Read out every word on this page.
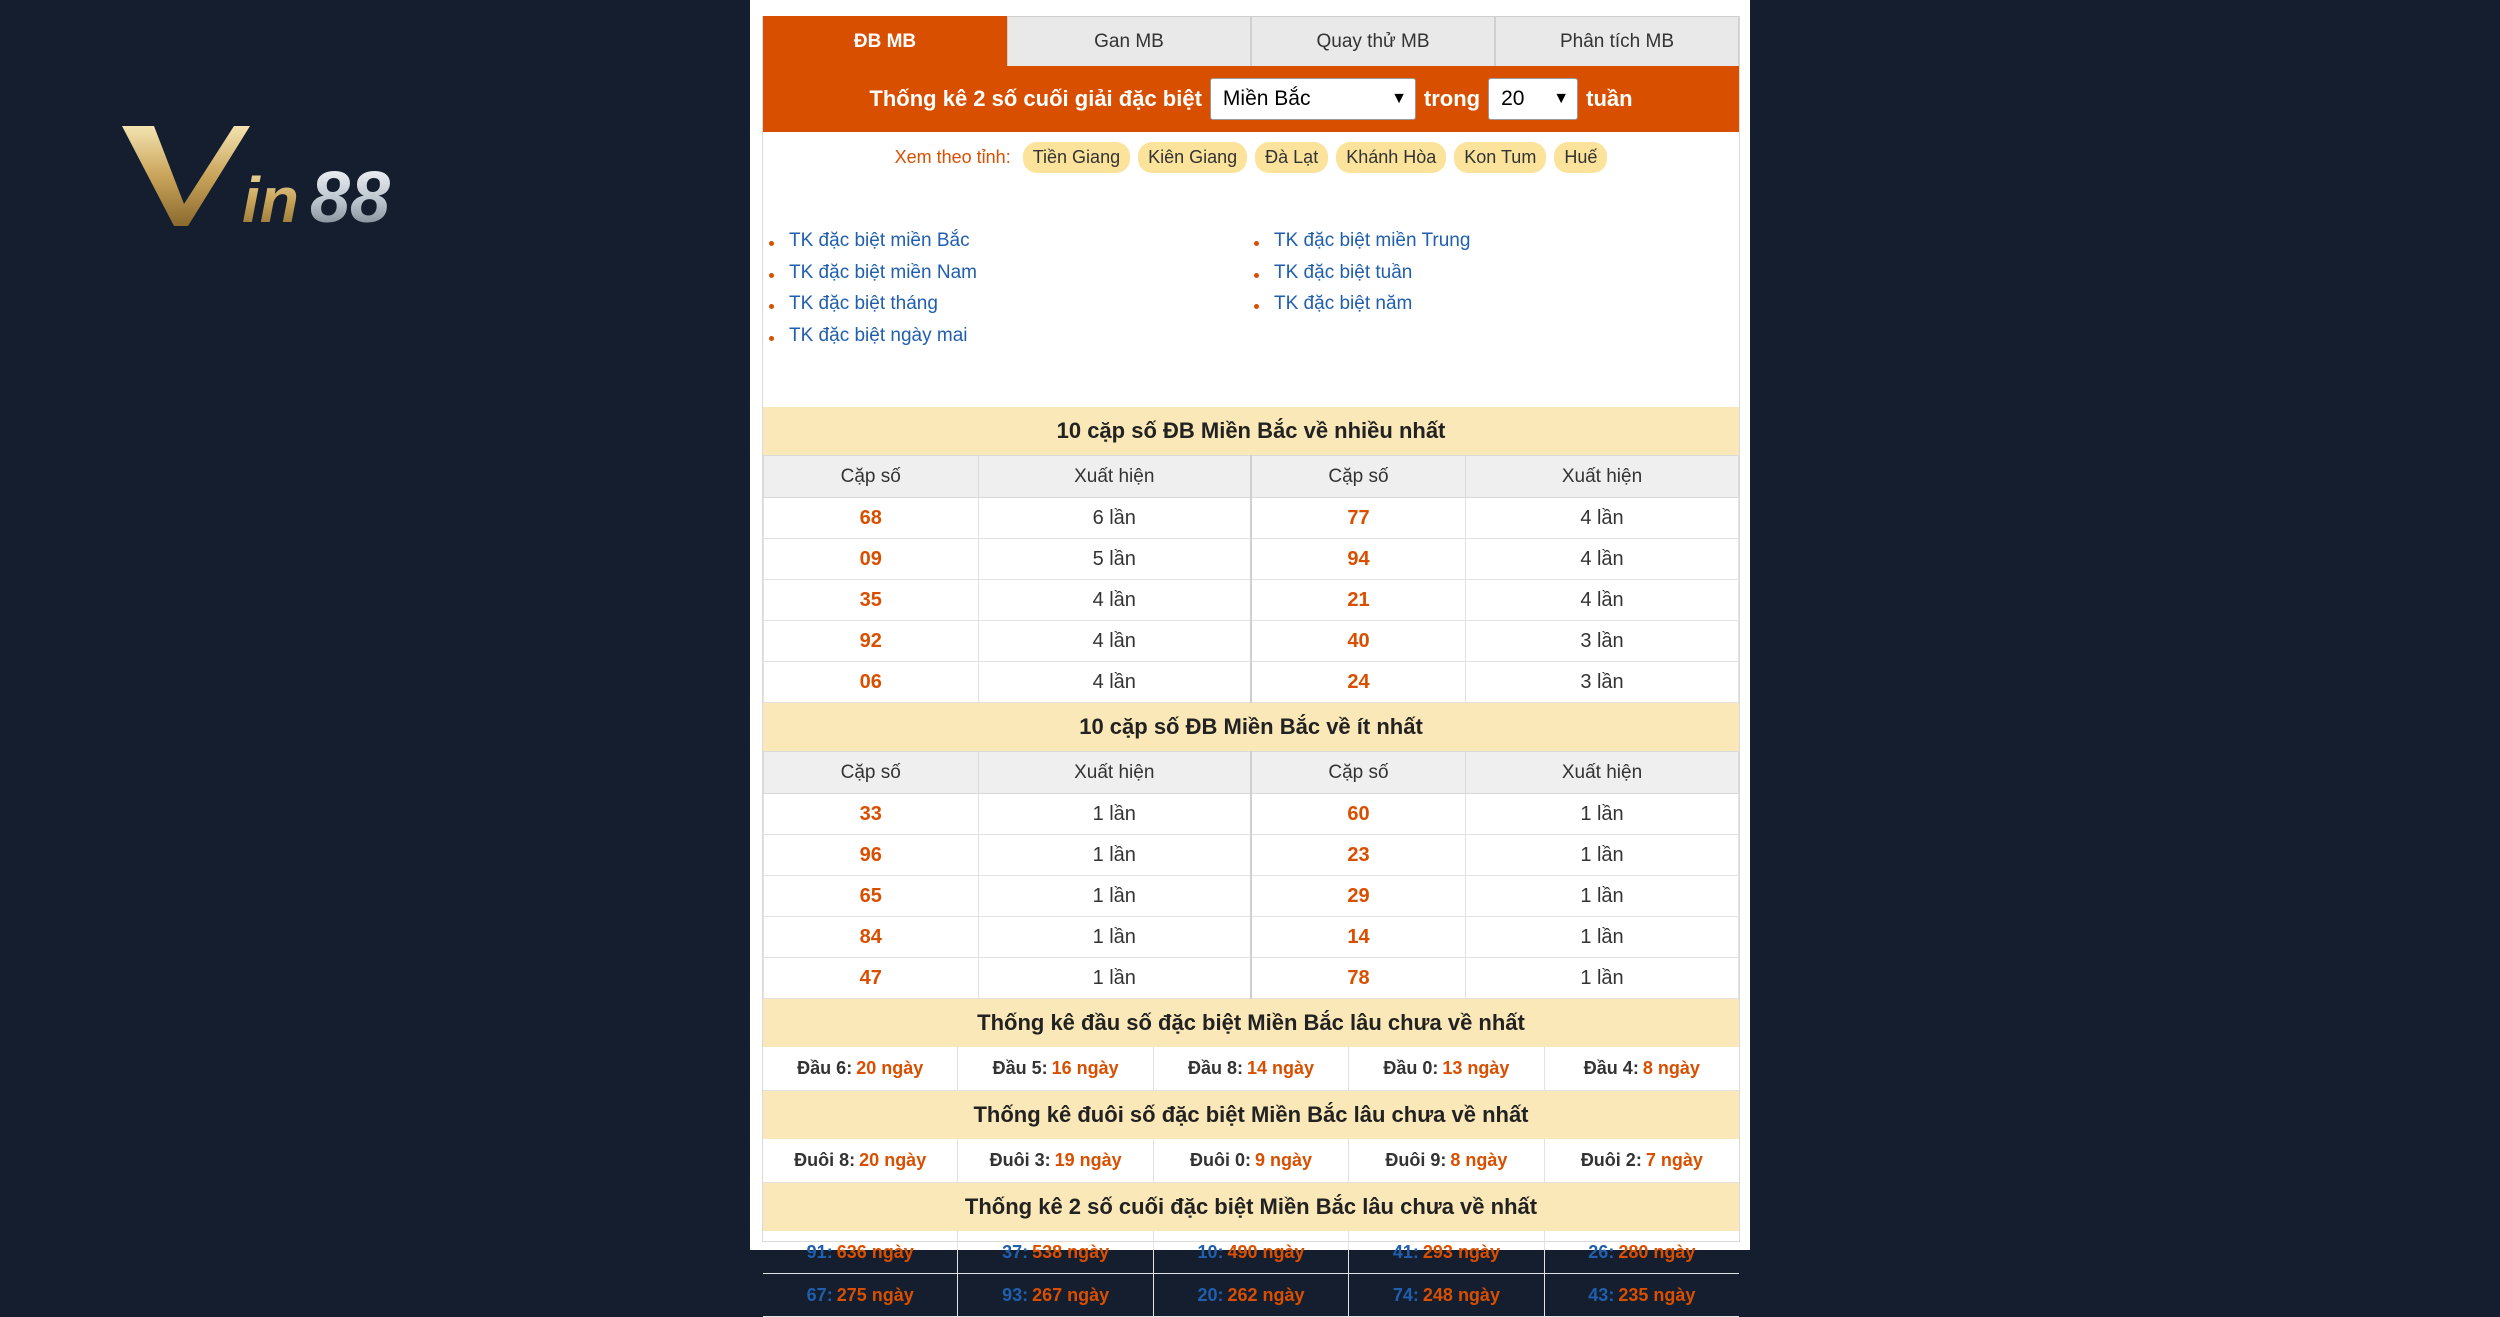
in 88
ĐB MB	Gan MB	Quay thử MB	Phân tích MB
Thống kê 2 số cuối giải đặc biệt Miền Bắc	▼ trong 20 ▼ tuần
Xem theo tỉnh:	Tiền Giang	Kiên Giang	Đà Lạt	Khánh Hòa	Kon Tum	Huế
TK đặc biệt miền Bắc
TK đặc biệt miền Nam
TK đặc biệt tháng
TK đặc biệt ngày mai
TK đặc biệt miền Trung
TK đặc biệt tuần
TK đặc biệt năm
10 cặp số ĐB Miền Bắc về nhiều nhất
Cặp số	Xuất hiện	Cặp số	Xuất hiện
68	6 lần	77	4 lần
09	5 lần	94	4 lần
35	4 lần	21	4 lần
92	4 lần	40	3 lần
06	4 lần	24	3 lần
10 cặp số ĐB Miền Bắc về ít nhất
Cặp số	Xuất hiện	Cặp số	Xuất hiện
33	1 lần	60	1 lần
96	1 lần	23	1 lần
65	1 lần	29	1 lần
84	1 lần	14	1 lần
47	1 lần	78	1 lần
Thống kê đầu số đặc biệt Miền Bắc lâu chưa về nhất
Đầu 6: 20 ngày	Đầu 5: 16 ngày	Đầu 8: 14 ngày	Đầu 0: 13 ngày	Đầu 4: 8 ngày
Thống kê đuôi số đặc biệt Miền Bắc lâu chưa về nhất
Đuôi 8: 20 ngày	Đuôi 3: 19 ngày	Đuôi 0: 9 ngày	Đuôi 9: 8 ngày	Đuôi 2: 7 ngày
Thống kê 2 số cuối đặc biệt Miền Bắc lâu chưa về nhất
91: 636 ngày	37: 538 ngày	10: 490 ngày	41: 293 ngày	26: 280 ngày
67: 275 ngày	93: 267 ngày	20: 262 ngày	74: 248 ngày	43: 235 ngày
